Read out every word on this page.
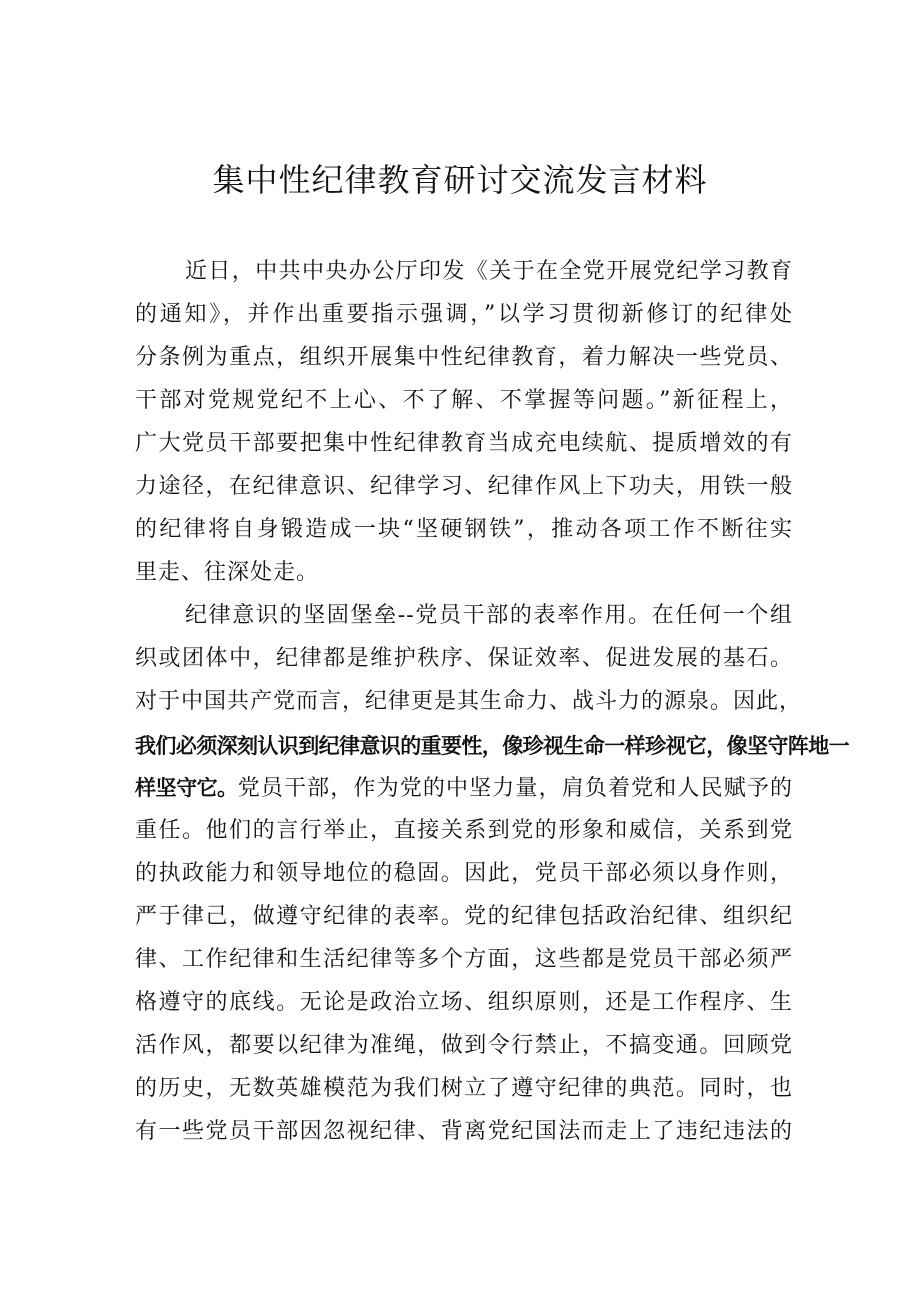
集中性纪律教育研讨交流发言材料
近日，中共中央办公厅印发《关于在全党开展党纪学习教育
的通知》，并作出重要指示强调，”以学习贯彻新修订的纪律处
分条例为重点，组织开展集中性纪律教育，着力解决一些党员、
干部对党规党纪不上心、不了解、不掌握等问题。”新征程上，
广大党员干部要把集中性纪律教育当成充电续航、提质增效的有
力途径，在纪律意识、纪律学习、纪律作风上下功夫，用铁一般
的纪律将自身锻造成一块“坚硬钢铁”，推动各项工作不断往实
里走、往深处走。
纪律意识的坚固堡垒--党员干部的表率作用。在任何一个组
织或团体中，纪律都是维护秩序、保证效率、促进发展的基石。
对于中国共产党而言，纪律更是其生命力、战斗力的源泉。因此，
我们必须深刻认识到纪律意识的重要性，像珍视生命一样珍视它，像坚守阵地一
样坚守它。党员干部，作为党的中坚力量，肩负着党和人民赋予的
重任。他们的言行举止，直接关系到党的形象和威信，关系到党
的执政能力和领导地位的稳固。因此，党员干部必须以身作则，
严于律己，做遵守纪律的表率。党的纪律包括政治纪律、组织纪
律、工作纪律和生活纪律等多个方面，这些都是党员干部必须严
格遵守的底线。无论是政治立场、组织原则，还是工作程序、生
活作风，都要以纪律为准绳，做到令行禁止，不搞变通。回顾党
的历史，无数英雄模范为我们树立了遵守纪律的典范。同时，也
有一些党员干部因忽视纪律、背离党纪国法而走上了违纪违法的
